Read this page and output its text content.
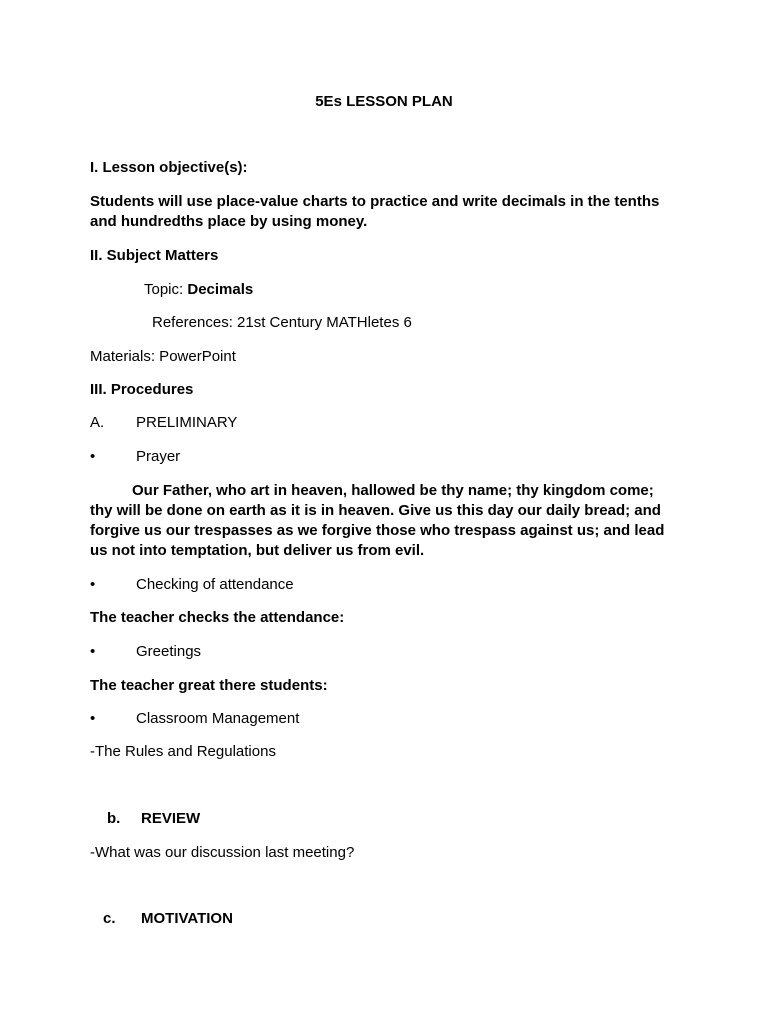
5Es LESSON PLAN
I. Lesson objective(s):
Students will use place-value charts to practice and write decimals in the tenths and hundredths place by using money.
II. Subject Matters
Topic: Decimals
References: 21st Century MATHletes 6
Materials: PowerPoint
III. Procedures
A. PRELIMINARY
•	Prayer
Our Father, who art in heaven, hallowed be thy name; thy kingdom come; thy will be done on earth as it is in heaven. Give us this day our daily bread; and forgive us our trespasses as we forgive those who trespass against us; and lead us not into temptation, but deliver us from evil.
•	Checking of attendance
The teacher checks the attendance:
•	Greetings
The teacher great there students:
•	Classroom Management
-The Rules and Regulations
b. REVIEW
-What was our discussion last meeting?
c. MOTIVATION
